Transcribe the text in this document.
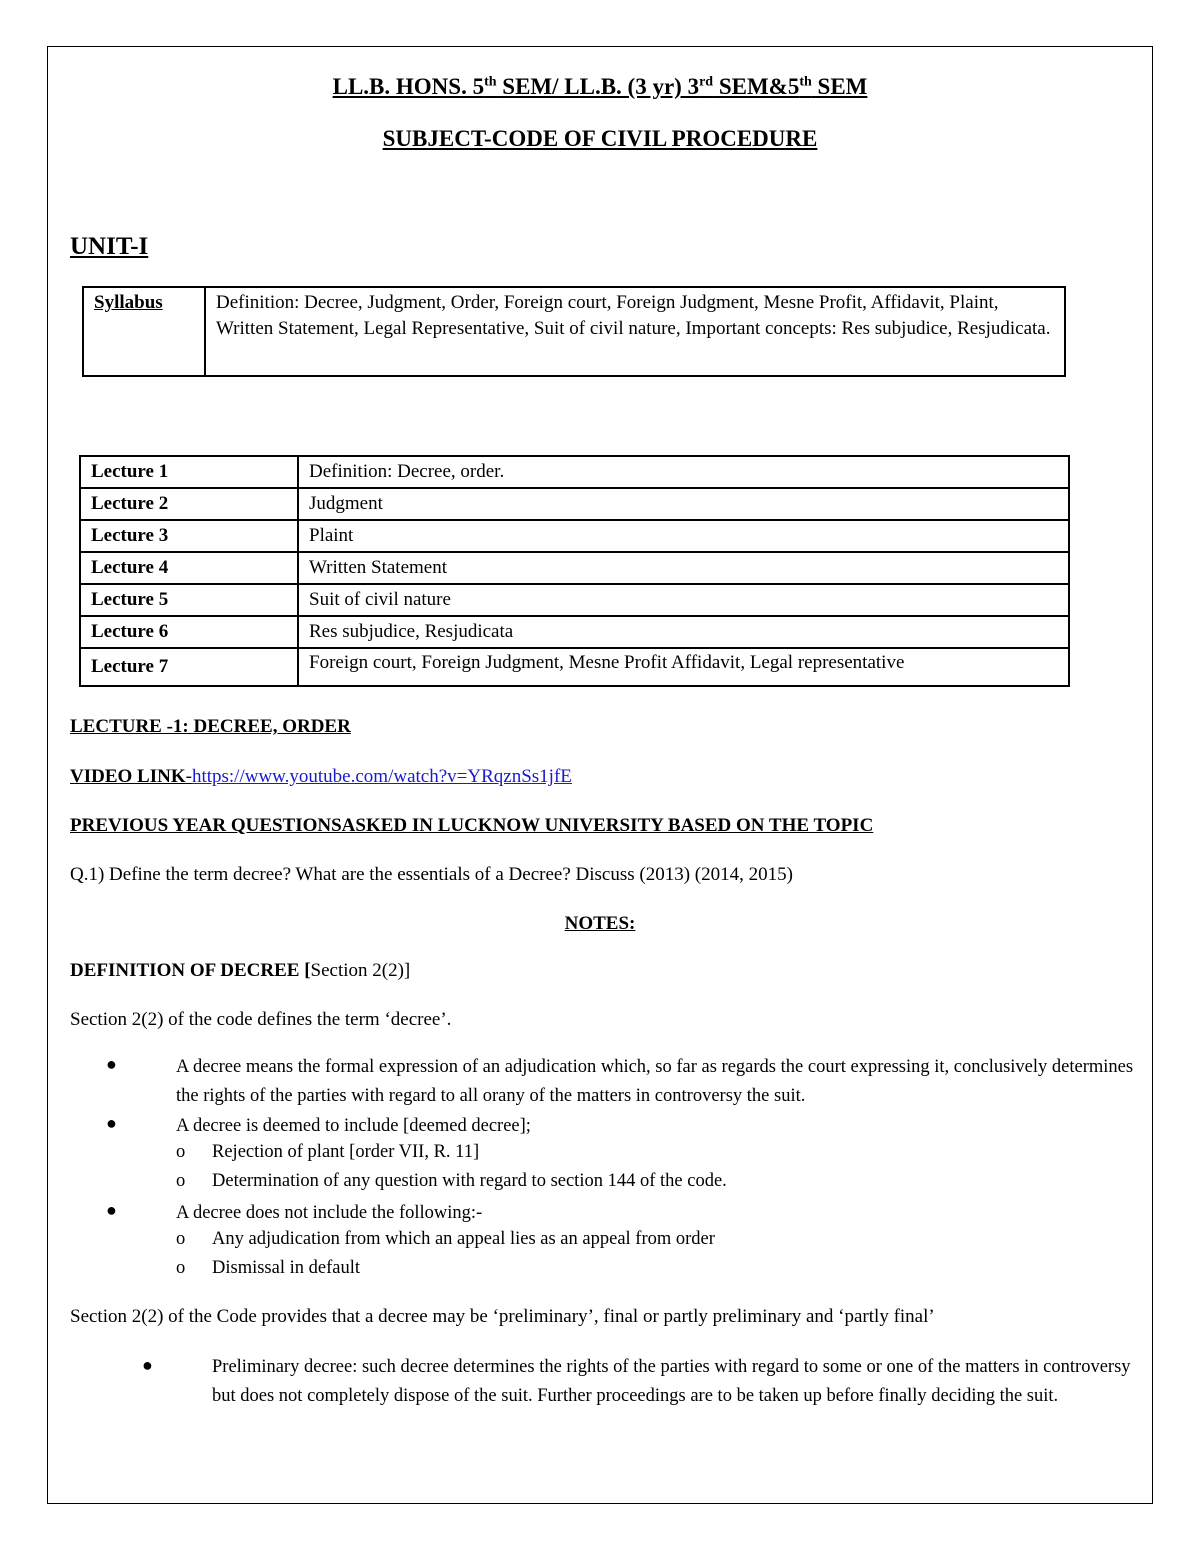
LL.B. HONS. 5th SEM/ LL.B. (3 yr) 3rd SEM&5th SEM
SUBJECT-CODE OF CIVIL PROCEDURE
UNIT-I
Syllabus	Definition: Decree, Judgment, Order, Foreign court, Foreign Judgment, Mesne Profit, Affidavit, Plaint, Written Statement, Legal Representative, Suit of civil nature, Important concepts: Res subjudice, Resjudicata.
Lecture 1	Definition: Decree, order.
Lecture 2	Judgment
Lecture 3	Plaint
Lecture 4	Written Statement
Lecture 5	Suit of civil nature
Lecture 6	Res subjudice, Resjudicata
Lecture 7	Foreign court, Foreign Judgment, Mesne Profit Affidavit, Legal representative
LECTURE -1: DECREE, ORDER
VIDEO LINK-https://www.youtube.com/watch?v=YRqznSs1jfE
PREVIOUS YEAR QUESTIONSASKED IN LUCKNOW UNIVERSITY BASED ON THE TOPIC
Q.1) Define the term decree? What are the essentials of a Decree? Discuss (2013) (2014, 2015)
NOTES:
DEFINITION OF DECREE [Section 2(2)]
Section 2(2) of the code defines the term ‘decree’.
●	A decree means the formal expression of an adjudication which, so far as regards the court expressing it, conclusively determines the rights of the parties with regard to all orany of the matters in controversy the suit.
●	A decree is deemed to include [deemed decree];
o Rejection of plant [order VII, R. 11]
o Determination of any question with regard to section 144 of the code.
●	A decree does not include the following:-
o Any adjudication from which an appeal lies as an appeal from order
o Dismissal in default
Section 2(2) of the Code provides that a decree may be ‘preliminary’, final or partly preliminary and ‘partly final’
●	Preliminary decree: such decree determines the rights of the parties with regard to some or one of the matters in controversy but does not completely dispose of the suit. Further proceedings are to be taken up before finally deciding the suit.
